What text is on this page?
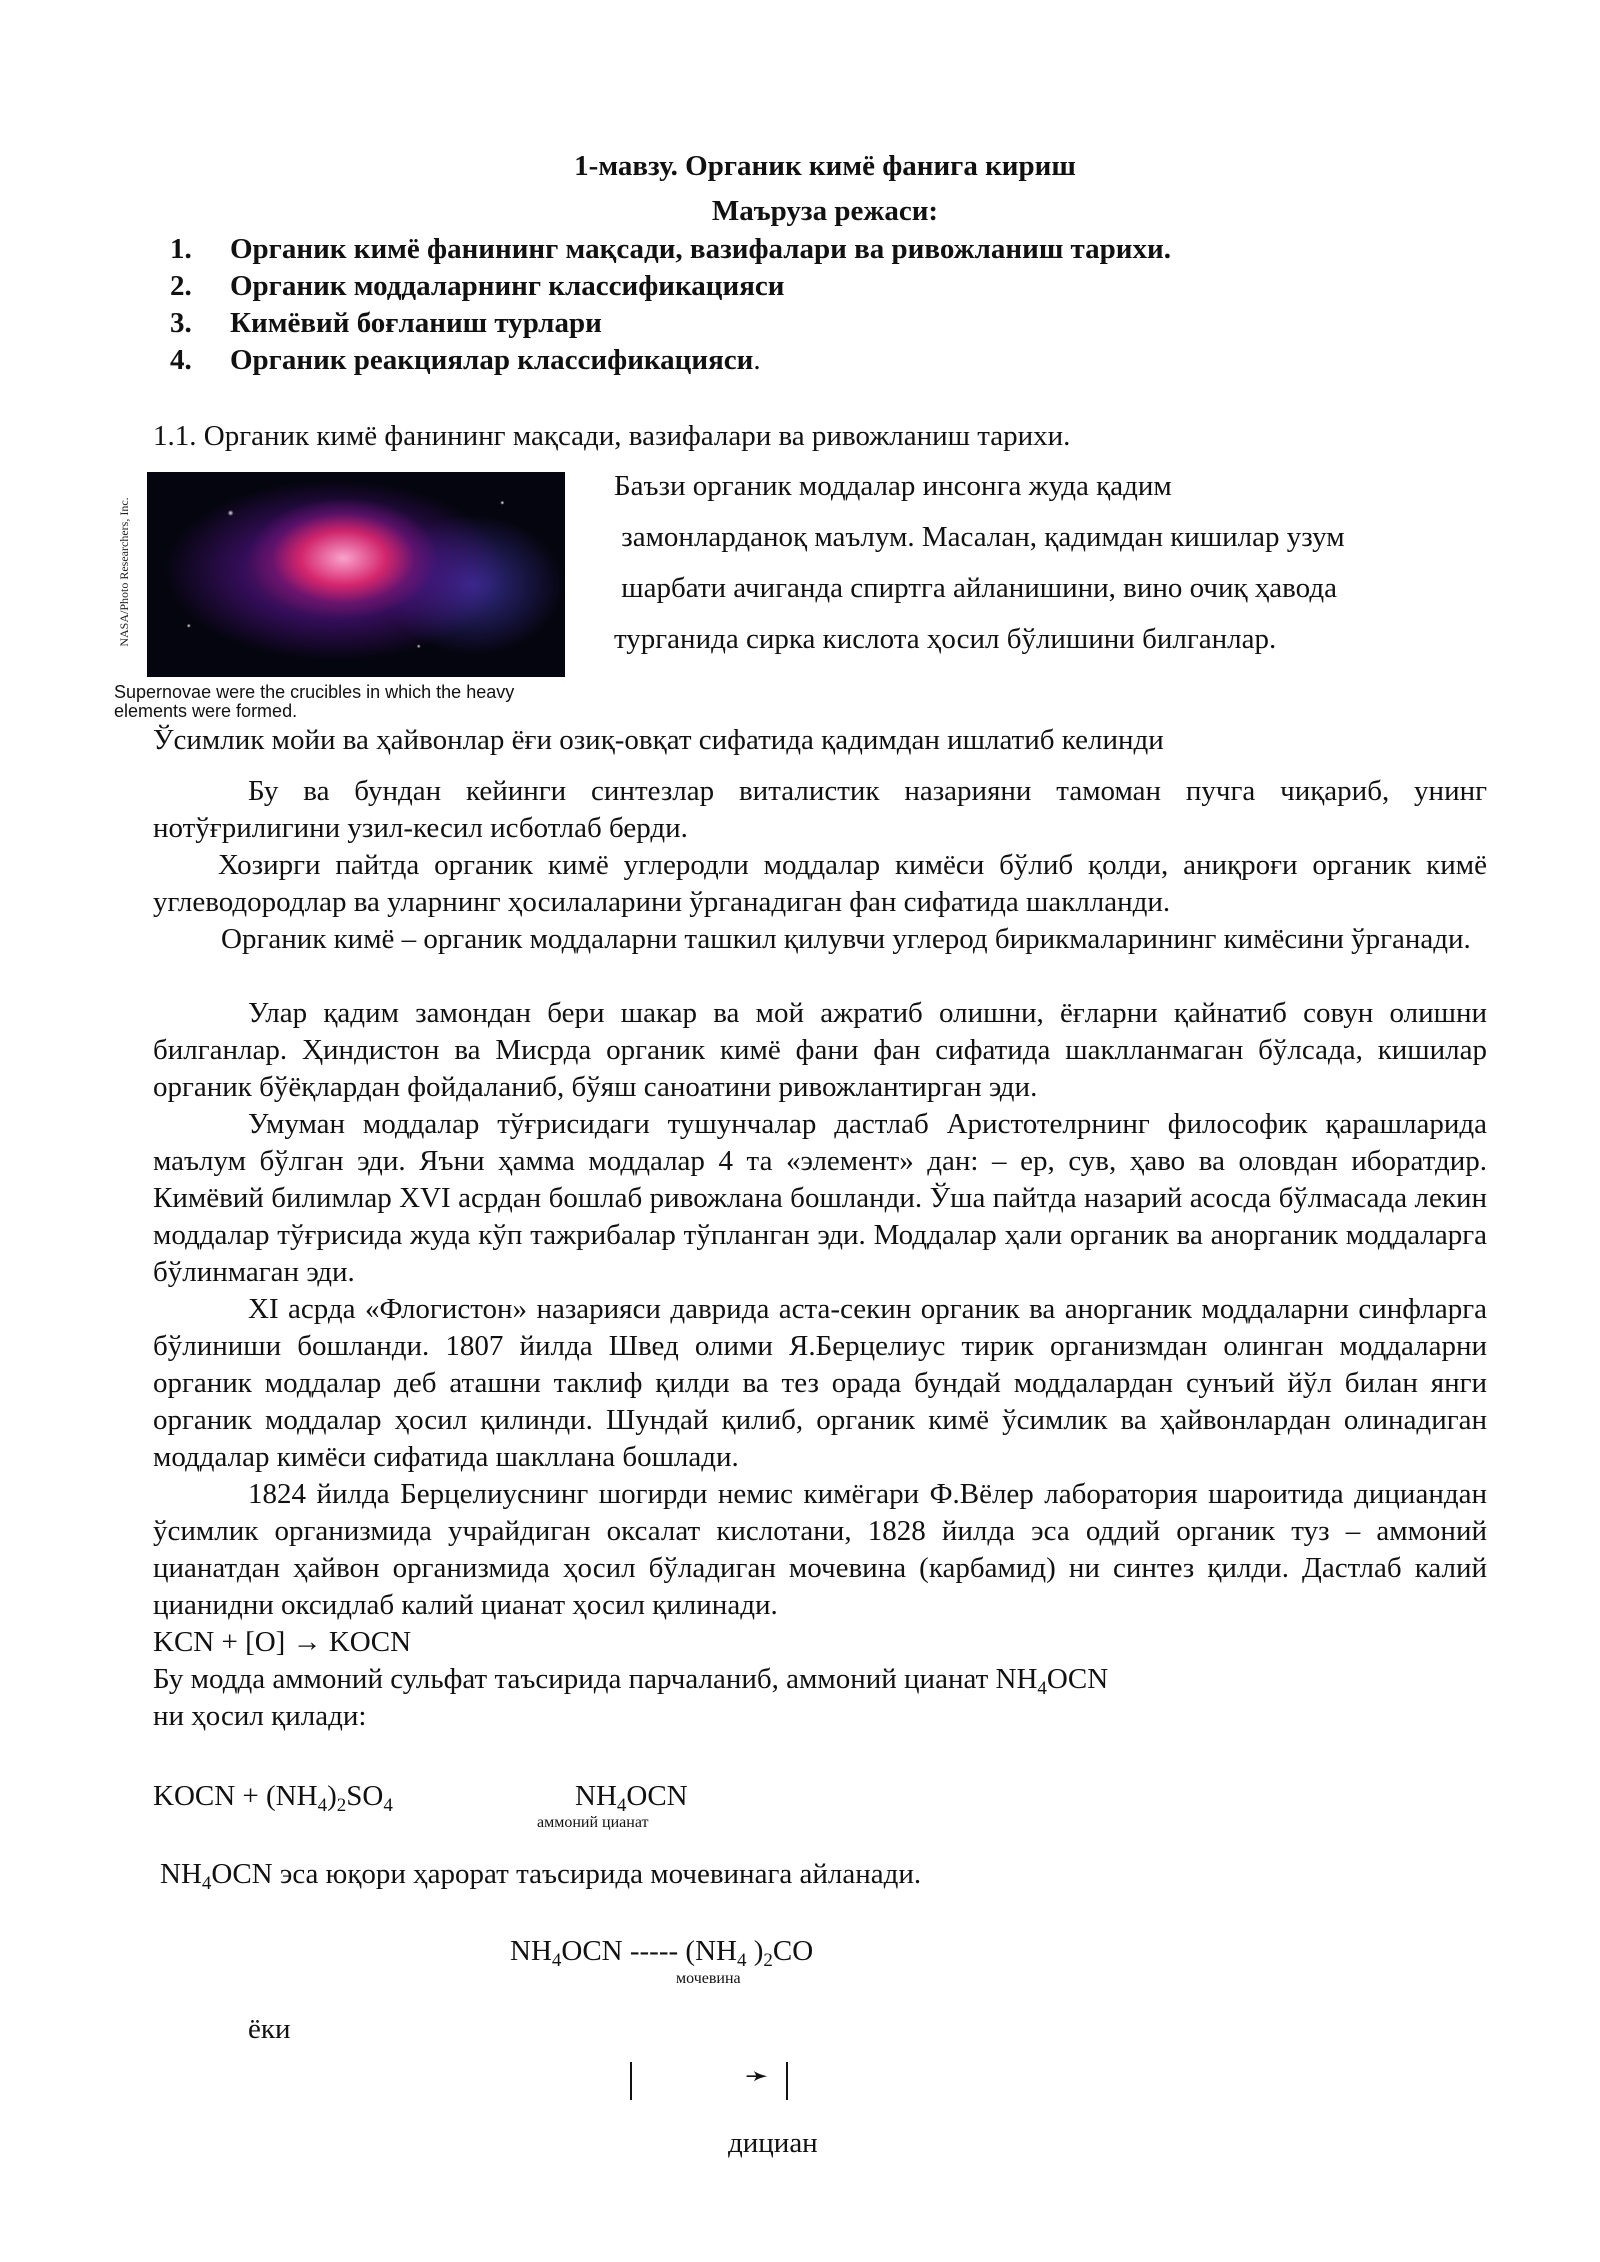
1-мавзу. Органик кимё фанига кириш

Маъруза режаси:

1. Органик кимё фанининг мақсади, вазифалари ва ривожланиш тарихи.
2. Органик моддаларнинг классификацияси
3. Кимёвий боғланиш турлари
4. Органик реакциялар классификацияси.

1.1. Органик кимё фанининг мақсади, вазифалари ва ривожланиш тарихи.

NASA/Photo Researchers, Inc.
Supernovae were the crucibles in which the heavy elements were formed.

Баъзи органик моддалар инсонга жуда қадим

замонларданоқ маълум. Масалан, қадимдан кишилар узум

шарбати ачиганда спиртга айланишини, вино очиқ ҳавода

турганида сирка кислота ҳосил бўлишини билганлар.

Ўсимлик мойи ва ҳайвонлар ёғи озиқ-овқат сифатида қадимдан ишлатиб келинди

Бу ва бундан кейинги синтезлар виталистик назарияни тамоман пучга чиқариб, унинг нотўғрилигини узил-кесил исботлаб берди.

Хозирги пайтда органик кимё углеродли моддалар кимёси бўлиб қолди, аниқроғи органик кимё углеводородлар ва уларнинг ҳосилаларини ўрганадиган фан сифатида шаклланди.

Органик кимё – органик моддаларни ташкил қилувчи углерод бирикмаларининг кимёсини ўрганади.

Улар қадим замондан бери шакар ва мой ажратиб олишни, ёғларни қайнатиб совун олишни билганлар. Ҳиндистон ва Мисрда органик кимё фани фан сифатида шаклланмаган бўлсада, кишилар органик бўёқлардан фойдаланиб, бўяш саноатини ривожлантирган эди.

Умуман моддалар тўғрисидаги тушунчалар дастлаб Аристотелрнинг философик қарашларида маълум бўлган эди. Яъни ҳамма моддалар 4 та «элемент» дан: – ер, сув, ҳаво ва оловдан иборатдир. Кимёвий билимлар XVI асрдан бошлаб ривожлана бошланди. Ўша пайтда назарий асосда бўлмасада лекин моддалар тўғрисида жуда кўп тажрибалар тўпланган эди. Моддалар ҳали органик ва анорганик моддаларга бўлинмаган эди.

XI асрда «Флогистон» назарияси даврида аста-секин органик ва анорганик моддаларни синфларга бўлиниши бошланди. 1807 йилда Швед олими Я.Берцелиус тирик организмдан олинган моддаларни органик моддалар деб аташни таклиф қилди ва тез орада бундай моддалардан сунъий йўл билан янги органик моддалар ҳосил қилинди. Шундай қилиб, органик кимё ўсимлик ва ҳайвонлардан олинадиган моддалар кимёси сифатида шакллана бошлади.

1824 йилда Берцелиуснинг шогирди немис кимёгари Ф.Вёлер лаборатория шароитида дициандан ўсимлик организмида учрайдиган оксалат кислотани, 1828 йилда эса оддий органик туз – аммоний цианатдан ҳайвон организмида ҳосил бўладиган мочевина (карбамид) ни синтез қилди. Дастлаб калий цианидни оксидлаб калий цианат ҳосил қилинади.

KCN + [O] → KOCN

Бу модда аммоний сульфат таъсирида парчаланиб, аммоний цианат $NH_4OCN$

ни ҳосил қилади:

KOCN + $(NH_4)_2SO_4$	$NH_4OCN$

аммоний цианат

$NH_4OCN$ эса юқори ҳарорат таъсирида мочевинага айланади.

$NH_4OCN$ ----- ($NH_4$ )$_2CO$

мочевина

ёки

➛

дициан
